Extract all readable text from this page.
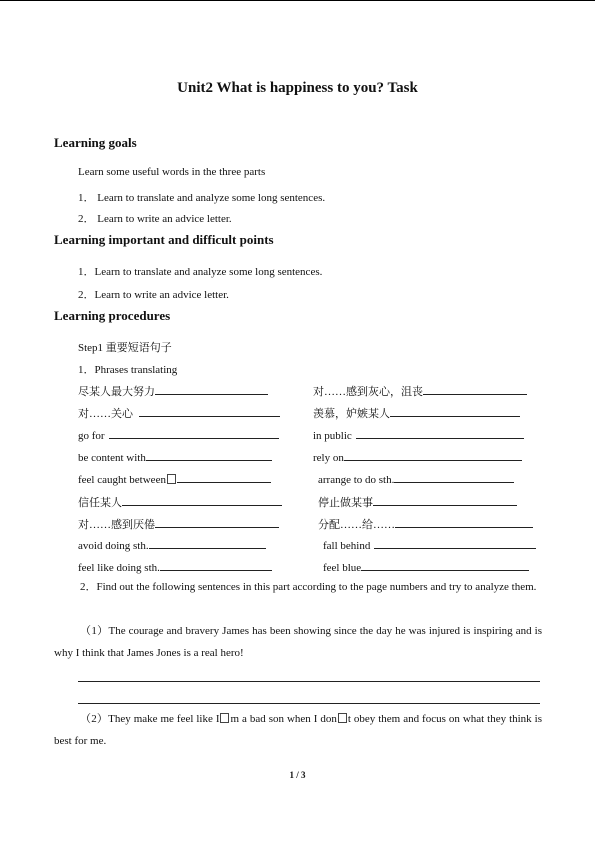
Unit2 What is happiness to you? Task
Learning goals
Learn some useful words in the three parts
1． Learn to translate and analyze some long sentences.
2． Learn to write an advice letter.
Learning important and difficult points
1．Learn to translate and analyze some long sentences.
2．Learn to write an advice letter.
Learning procedures
Step1 重要短语句子
1．Phrases translating
尽某人最大努力
对……关心
go for
be content with
feel caught between
信任某人
对……感到厌倦
avoid doing sth.
feel like doing sth.
对……感到灰心，沮丧
羡慕，妒嫉某人
in public
rely on
arrange to do sth.
停止做某事
分配……给……
fall behind
feel blue
2．Find out the following sentences in this part according to the page numbers and try to analyze them.
（1）The courage and bravery James has been showing since the day he was injured is inspiring and is why I think that James Jones is a real hero!
（2）They make me feel like I m a bad son when I don t obey them and focus on what they think is best for me.
1 / 3
